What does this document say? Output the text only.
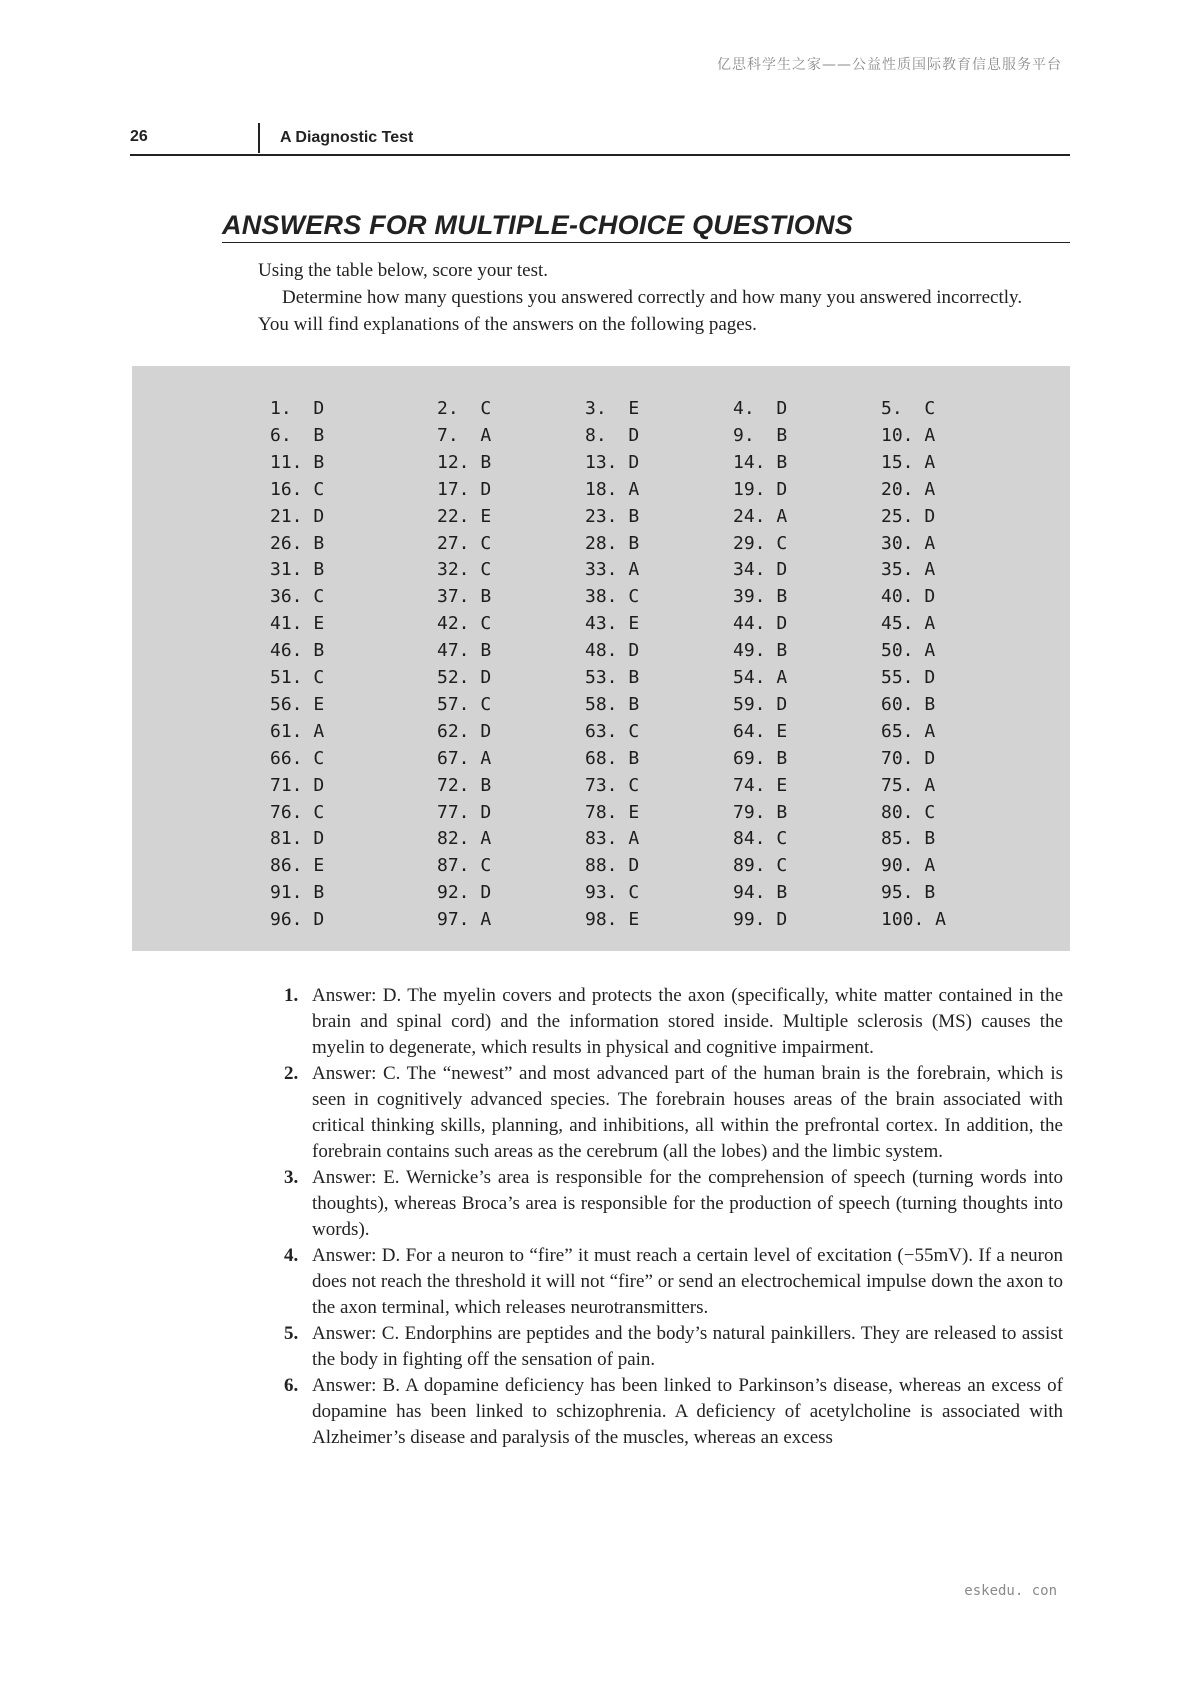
亿思科学生之家——公益性质国际教育信息服务平台
26	A Diagnostic Test
ANSWERS FOR MULTIPLE-CHOICE QUESTIONS

Using the table below, score your test.

Determine how many questions you answered correctly and how many you answered incorrectly. You will find explanations of the answers on the following pages.

1.  D	2.  C	3.  E	4.  D	5.  C
6.  B	7.  A	8.  D	9.  B	10. A
11. B	12. B	13. D	14. B	15. A
16. C	17. D	18. A	19. D	20. A
21. D	22. E	23. B	24. A	25. D
26. B	27. C	28. B	29. C	30. A
31. B	32. C	33. A	34. D	35. A
36. C	37. B	38. C	39. B	40. D
41. E	42. C	43. E	44. D	45. A
46. B	47. B	48. D	49. B	50. A
51. C	52. D	53. B	54. A	55. D
56. E	57. C	58. B	59. D	60. B
61. A	62. D	63. C	64. E	65. A
66. C	67. A	68. B	69. B	70. D
71. D	72. B	73. C	74. E	75. A
76. C	77. D	78. E	79. B	80. C
81. D	82. A	83. A	84. C	85. B
86. E	87. C	88. D	89. C	90. A
91. B	92. D	93. C	94. B	95. B
96. D	97. A	98. E	99. D	100. A
1. Answer: D. The myelin covers and protects the axon (specifically, white matter contained in the brain and spinal cord) and the information stored inside. Multiple sclerosis (MS) causes the myelin to degenerate, which results in physical and cognitive impairment.
2. Answer: C. The “newest” and most advanced part of the human brain is the forebrain, which is seen in cognitively advanced species. The forebrain houses areas of the brain associated with critical thinking skills, planning, and inhibitions, all within the prefrontal cortex. In addition, the forebrain contains such areas as the cerebrum (all the lobes) and the limbic system.
3. Answer: E. Wernicke’s area is responsible for the comprehension of speech (turning words into thoughts), whereas Broca’s area is responsible for the production of speech (turning thoughts into words).
4. Answer: D. For a neuron to “fire” it must reach a certain level of excitation (−55mV). If a neuron does not reach the threshold it will not “fire” or send an electrochemical impulse down the axon to the axon terminal, which releases neurotransmitters.
5. Answer: C. Endorphins are peptides and the body’s natural painkillers. They are released to assist the body in fighting off the sensation of pain.
6. Answer: B. A dopamine deficiency has been linked to Parkinson’s disease, whereas an excess of dopamine has been linked to schizophrenia. A deficiency of acetylcholine is associated with Alzheimer’s disease and paralysis of the muscles, whereas an excess
eskedu. con
